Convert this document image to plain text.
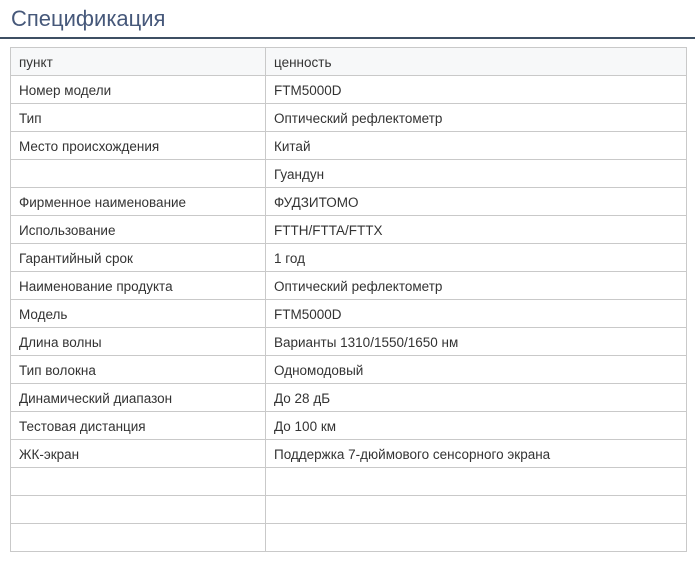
Спецификация
пункт	ценность
Номер модели	FTM5000D
Тип	Оптический рефлектометр
Место происхождения	Китай
	Гуандун
Фирменное наименование	ФУДЗИТОМО
Использование	FTTH/FTTA/FTTX
Гарантийный срок	1 год
Наименование продукта	Оптический рефлектометр
Модель	FTM5000D
Длина волны	Варианты 1310/1550/1650 нм
Тип волокна	Одномодовый
Динамический диапазон	До 28 дБ
Тестовая дистанция	До 100 км
ЖК-экран	Поддержка 7-дюймового сенсорного экрана
